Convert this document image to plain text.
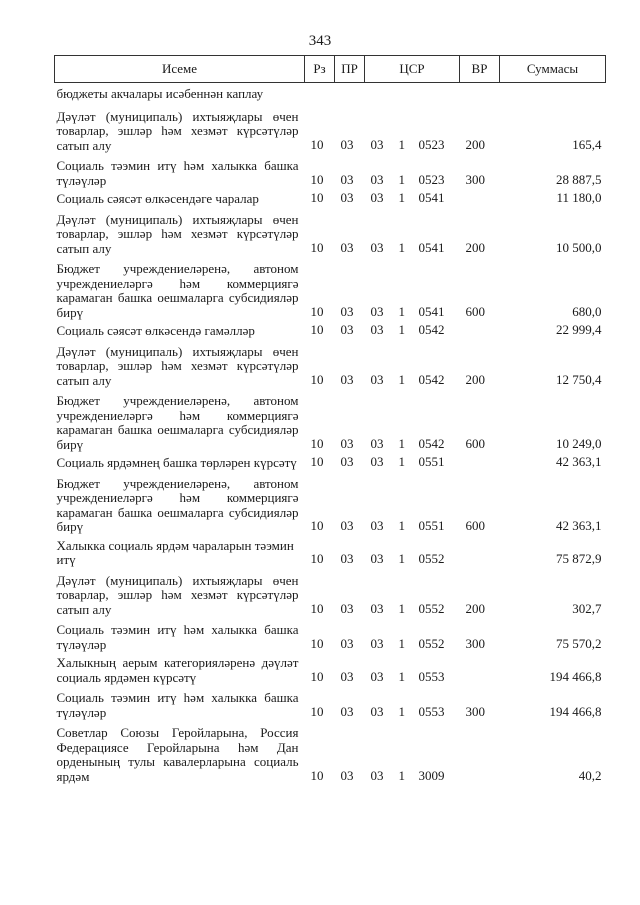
343
Исеме	Рз	ПР	ЦСР			ВР	Суммасы
бюджеты акчалары исәбеннән каплау							
Дәүләт (муниципаль) ихтыяҗлары өчен товарлар, эшләр һәм хезмәт күрсәтүләр сатып алу	10	03	03	1	0523	200	165,4
Социаль тәэмин итү һәм халыкка башка түләүләр	10	03	03	1	0523	300	28 887,5
Социаль сәясәт өлкәсендәге чаралар	10	03	03	1	0541		11 180,0
Дәүләт (муниципаль) ихтыяҗлары өчен товарлар, эшләр һәм хезмәт күрсәтүләр сатып алу	10	03	03	1	0541	200	10 500,0
Бюджет учреждениеләренә, автоном учреждениеләргә һәм коммерциягә карамаган башка оешмаларга субсидияләр бирү	10	03	03	1	0541	600	680,0
Социаль сәясәт өлкәсендә гамәлләр	10	03	03	1	0542		22 999,4
Дәүләт (муниципаль) ихтыяҗлары өчен товарлар, эшләр һәм хезмәт күрсәтүләр сатып алу	10	03	03	1	0542	200	12 750,4
Бюджет учреждениеләренә, автоном учреждениеләргә һәм коммерциягә карамаган башка оешмаларга субсидияләр бирү	10	03	03	1	0542	600	10 249,0
Социаль ярдәмнең башка төрләрен күрсәтү	10	03	03	1	0551		42 363,1
Бюджет учреждениеләренә, автоном учреждениеләргә һәм коммерциягә карамаган башка оешмаларга субсидияләр бирү	10	03	03	1	0551	600	42 363,1
Халыкка социаль ярдәм чараларын тәэмин итү	10	03	03	1	0552		75 872,9
Дәүләт (муниципаль) ихтыяҗлары өчен товарлар, эшләр һәм хезмәт күрсәтүләр сатып алу	10	03	03	1	0552	200	302,7
Социаль тәэмин итү һәм халыкка башка түләүләр	10	03	03	1	0552	300	75 570,2
Халыкның аерым категорияләренә дәүләт социаль ярдәмен күрсәтү	10	03	03	1	0553		194 466,8
Социаль тәэмин итү һәм халыкка башка түләүләр	10	03	03	1	0553	300	194 466,8
Советлар Союзы Геройларына, Россия Федерациясе Геройларына һәм Дан орденының тулы кавалерларына социаль ярдәм	10	03	03	1	3009		40,2
